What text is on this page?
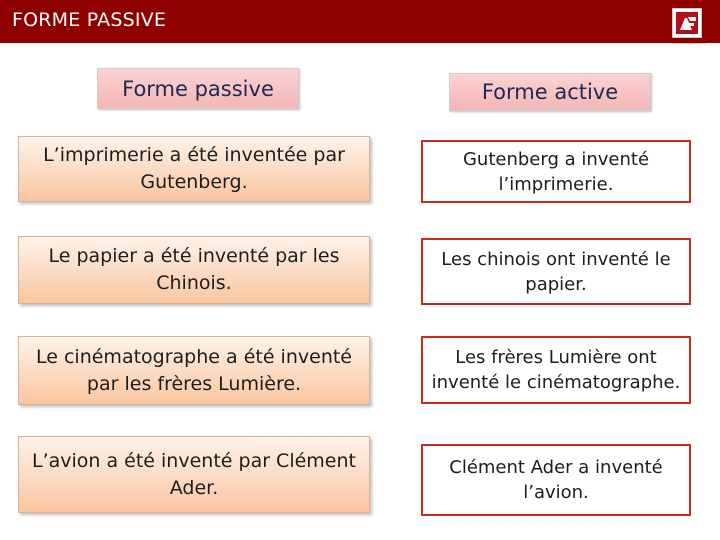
FORME PASSIVE
Forme passive	Forme active
L’imprimerie a été inventée par Gutenberg.
Gutenberg a inventé l’imprimerie.
Le papier a été inventé par les Chinois.
Les chinois ont inventé le papier.
Le cinématographe a été inventé par les frères Lumière.
Les frères Lumière ont inventé le cinématographe.
L’avion a été inventé par Clément Ader.
Clément Ader a inventé l’avion.
